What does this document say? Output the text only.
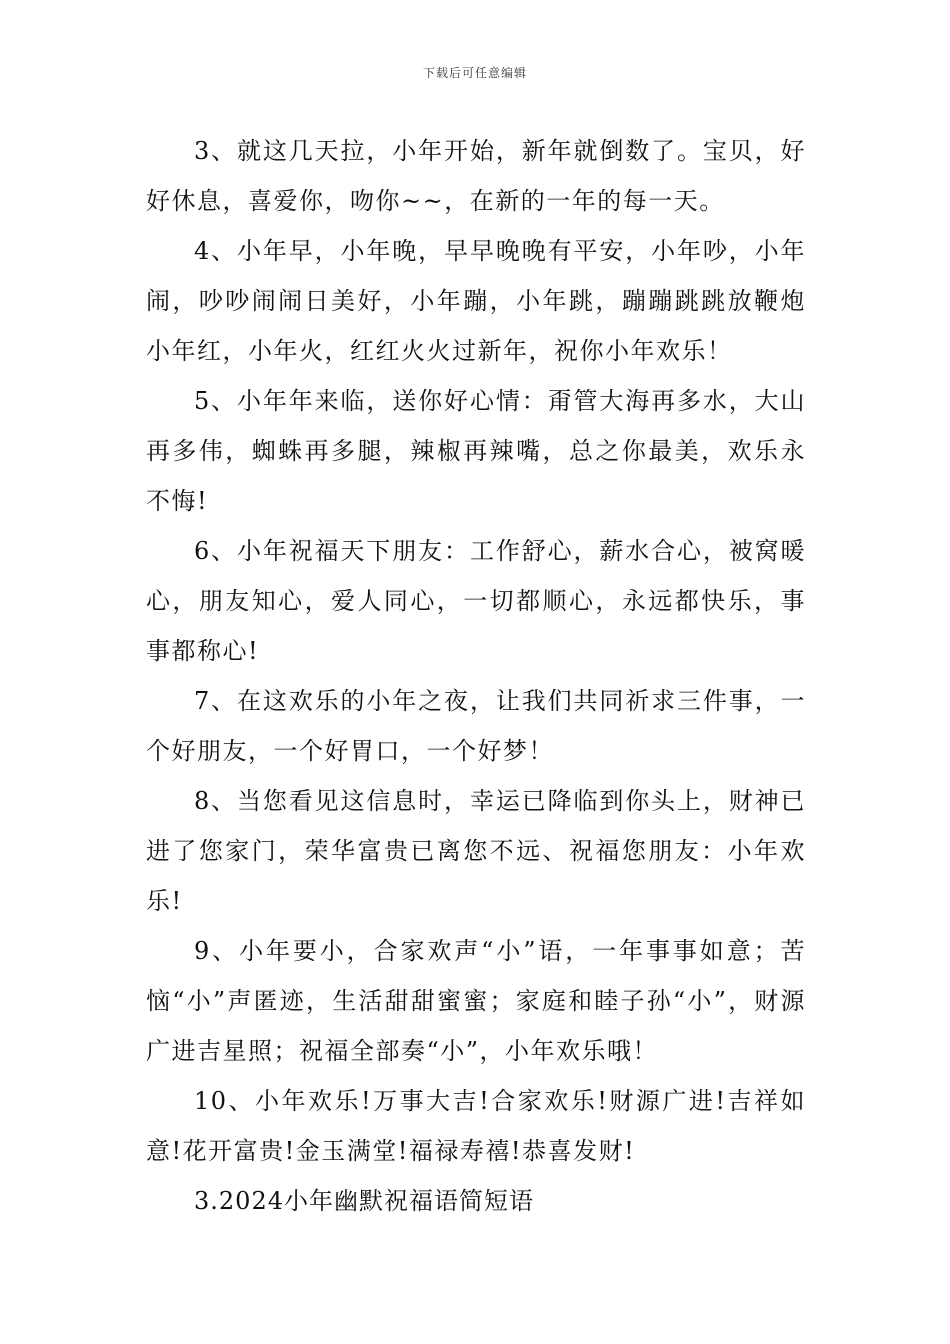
下载后可任意编辑

3、就这几天拉，小年开始，新年就倒数了。宝贝，好好休息，喜爱你，吻你~~，在新的一年的每一天。

4、小年早，小年晚，早早晚晚有平安，小年吵，小年闹，吵吵闹闹日美好，小年蹦，小年跳，蹦蹦跳跳放鞭炮小年红，小年火，红红火火过新年，祝你小年欢乐！

5、小年年来临，送你好心情：甭管大海再多水，大山再多伟，蜘蛛再多腿，辣椒再辣嘴，总之你最美，欢乐永不悔!

6、小年祝福天下朋友：工作舒心，薪水合心，被窝暖心，朋友知心，爱人同心，一切都顺心，永远都快乐，事事都称心!

7、在这欢乐的小年之夜，让我们共同祈求三件事，一个好朋友，一个好胃口，一个好梦！

8、当您看见这信息时，幸运已降临到你头上，财神已进了您家门，荣华富贵已离您不远、祝福您朋友：小年欢乐!

9、小年要小，合家欢声“小”语，一年事事如意；苦恼“小”声匿迹，生活甜甜蜜蜜；家庭和睦子孙“小”，财源广进吉星照；祝福全部奏“小”，小年欢乐哦！

10、小年欢乐!万事大吉!合家欢乐!财源广进!吉祥如意!花开富贵!金玉满堂!福禄寿禧!恭喜发财!

3.2024小年幽默祝福语简短语
